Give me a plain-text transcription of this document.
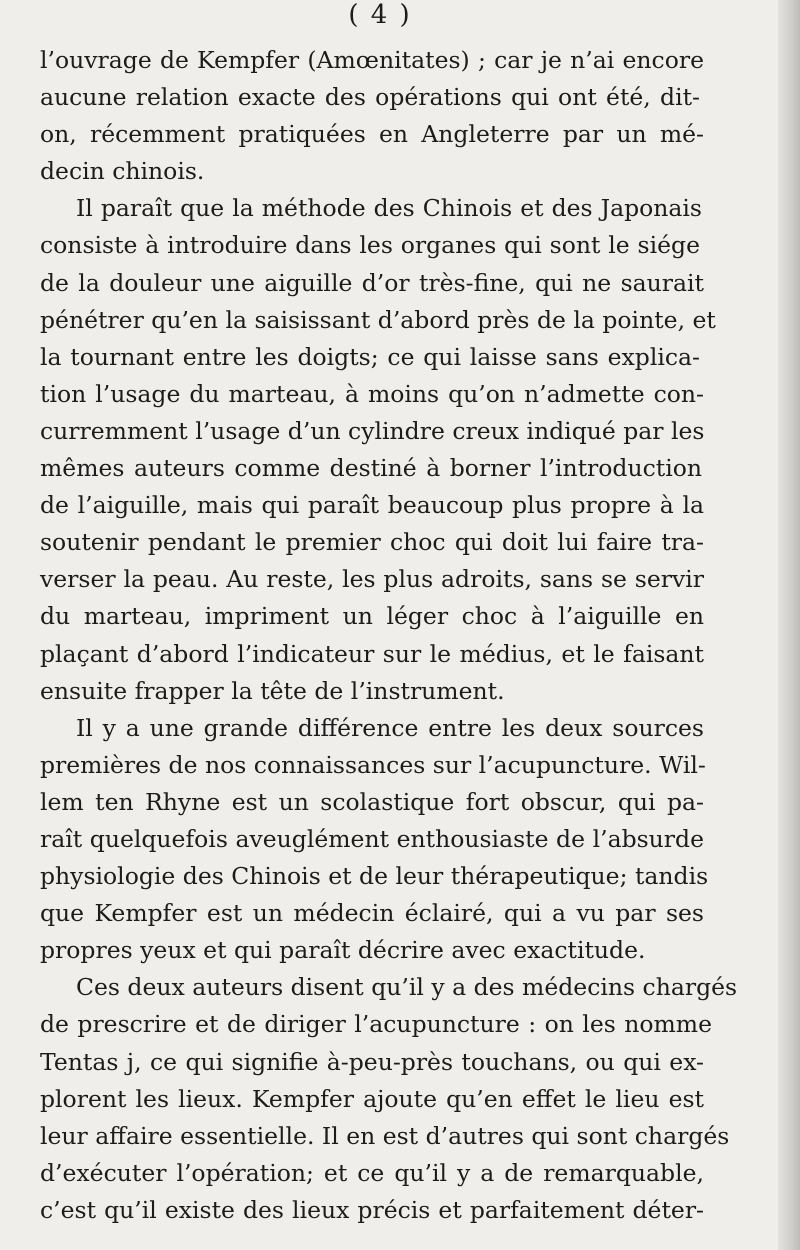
( 4 )
l’ouvrage de Kempfer (Amœnitates) ; car je n’ai encore
aucune relation exacte des opérations qui ont été, dit-
on, récemment pratiquées en Angleterre par un mé-
decin chinois.
Il paraît que la méthode des Chinois et des Japonais
consiste à introduire dans les organes qui sont le siége
de la douleur une aiguille d’or très-fine, qui ne saurait
pénétrer qu’en la saisissant d’abord près de la pointe, et
la tournant entre les doigts; ce qui laisse sans explica-
tion l’usage du marteau, à moins qu’on n’admette con-
curremment l’usage d’un cylindre creux indiqué par les
mêmes auteurs comme destiné à borner l’introduction
de l’aiguille, mais qui paraît beaucoup plus propre à la
soutenir pendant le premier choc qui doit lui faire tra-
verser la peau. Au reste, les plus adroits, sans se servir
du marteau, impriment un léger choc à l’aiguille en
plaçant d’abord l’indicateur sur le médius, et le faisant
ensuite frapper la tête de l’instrument.
Il y a une grande différence entre les deux sources
premières de nos connaissances sur l’acupuncture. Wil-
lem ten Rhyne est un scolastique fort obscur, qui pa-
raît quelquefois aveuglément enthousiaste de l’absurde
physiologie des Chinois et de leur thérapeutique; tandis
que Kempfer est un médecin éclairé, qui a vu par ses
propres yeux et qui paraît décrire avec exactitude.
Ces deux auteurs disent qu’il y a des médecins chargés
de prescrire et de diriger l’acupuncture : on les nomme
Tentas j, ce qui signifie à-peu-près touchans, ou qui ex-
plorent les lieux. Kempfer ajoute qu’en effet le lieu est
leur affaire essentielle. Il en est d’autres qui sont chargés
d’exécuter l’opération; et ce qu’il y a de remarquable,
c’est qu’il existe des lieux précis et parfaitement déter-
